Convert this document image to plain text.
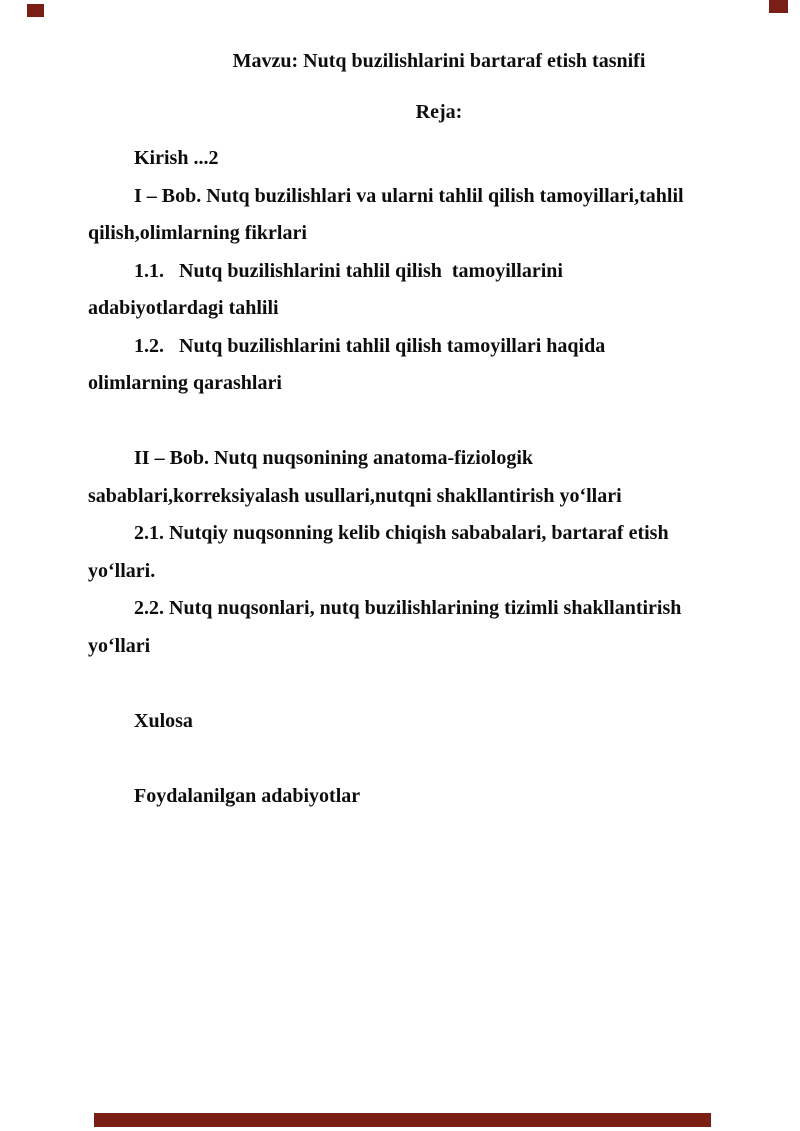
Mavzu: Nutq buzilishlarini bartaraf etish tasnifi
Reja:
Kirish ...2
I – Bob. Nutq buzilishlari va ularni tahlil qilish tamoyillari,tahlil
qilish,olimlarning fikrlari
1.1.   Nutq buzilishlarini tahlil qilish  tamoyillarini
adabiyotlardagi tahlili
1.2.   Nutq buzilishlarini tahlil qilish tamoyillari haqida
olimlarning qarashlari
II – Bob. Nutq nuqsonining anatoma-fiziologik
sabablari,korreksiyalash usullari,nutqni shakllantirish yo‘llari
2.1. Nutqiy nuqsonning kelib chiqish sababalari, bartaraf etish
yo‘llari.
2.2. Nutq nuqsonlari, nutq buzilishlarining tizimli shakllantirish
yo‘llari
Xulosa
Foydalanilgan adabiyotlar
